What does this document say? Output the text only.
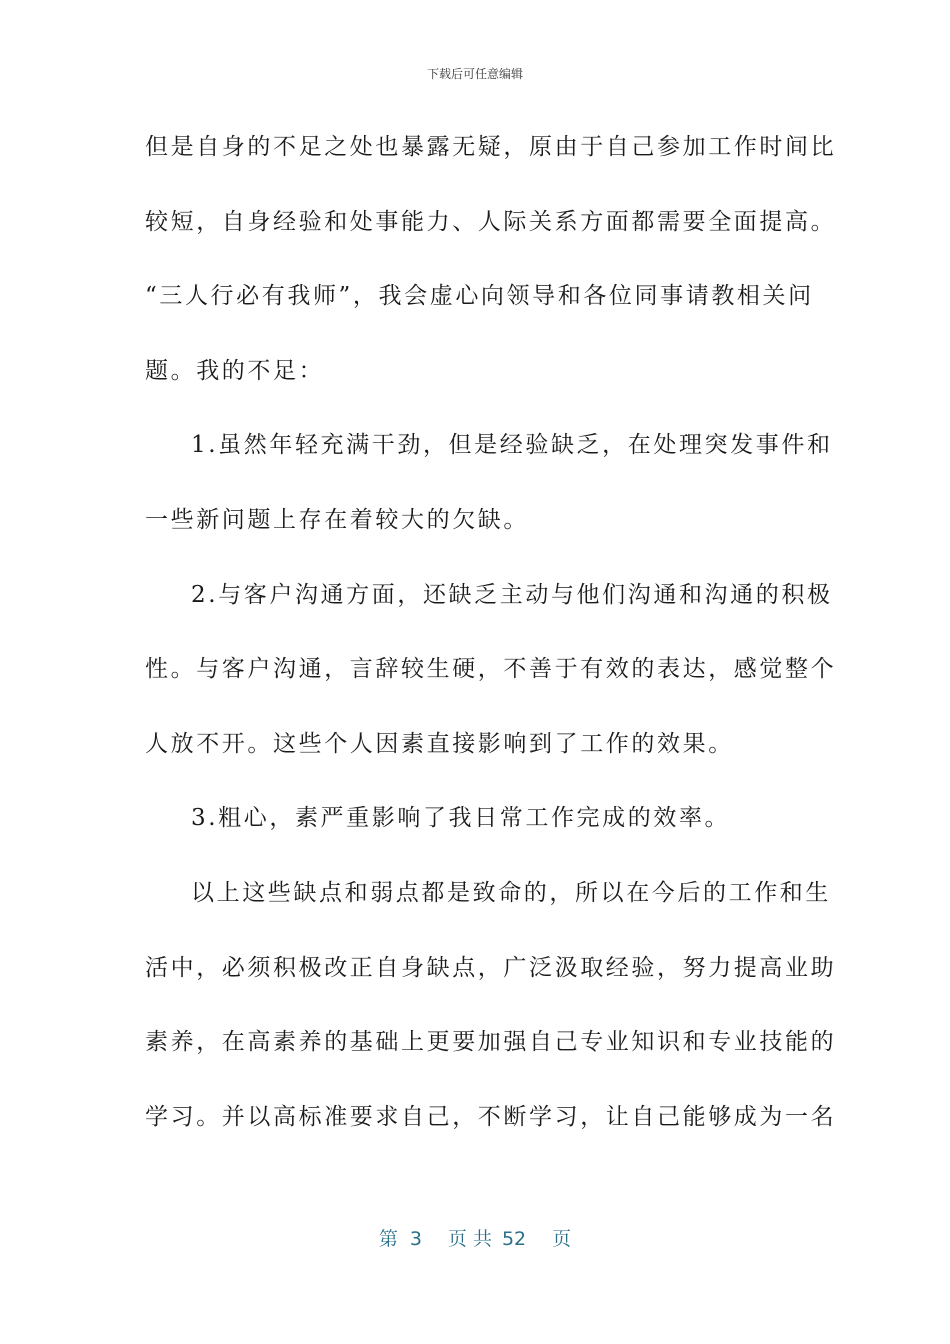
下载后可任意编辑
但是自身的不足之处也暴露无疑，原由于自己参加工作时间比
较短，自身经验和处事能力、人际关系方面都需要全面提高。
“三人行必有我师”，我会虚心向领导和各位同事请教相关问
题。我的不足：
1.虽然年轻充满干劲，但是经验缺乏，在处理突发事件和
一些新问题上存在着较大的欠缺。
2.与客户沟通方面，还缺乏主动与他们沟通和沟通的积极
性。与客户沟通，言辞较生硬，不善于有效的表达，感觉整个
人放不开。这些个人因素直接影响到了工作的效果。
3.粗心，素严重影响了我日常工作完成的效率。
以上这些缺点和弱点都是致命的，所以在今后的工作和生
活中，必须积极改正自身缺点，广泛汲取经验，努力提高业助
素养，在高素养的基础上更要加强自己专业知识和专业技能的
学习。并以高标准要求自己，不断学习，让自己能够成为一名
第 3 页 共 52 页
